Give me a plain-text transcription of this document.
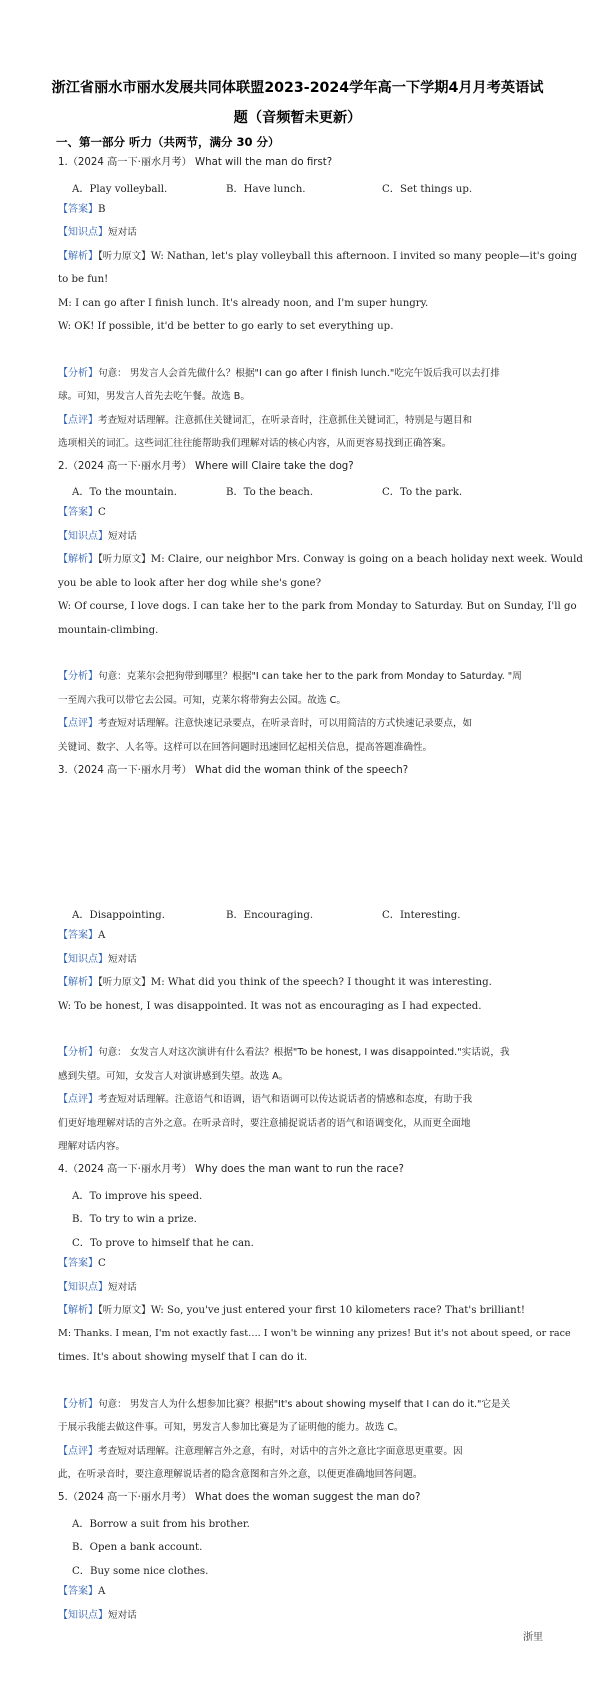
浙江省丽水市丽水发展共同体联盟2023-2024学年高一下学期4月月考英语试
题（音频暂未更新）
一、第一部分 听力（共两节，满分 30 分）
1.（2024 高一下·丽水月考） What will the man do first?
A．Play volleyball.	B．Have lunch.	C．Set things up.
【答案】B
【知识点】短对话
【解析】【听力原文】W: Nathan, let's play volleyball this afternoon. I invited so many people—it's going
to be fun!
M: I can go after I finish lunch. It's already noon, and I'm super hungry.
W: OK! If possible, it'd be better to go early to set everything up.
【分析】句意： 男发言人会首先做什么？根据"I can go after I finish lunch."吃完午饭后我可以去打排
球。可知，男发言人首先去吃午餐。故选 B。
【点评】考查短对话理解。注意抓住关键词汇，在听录音时，注意抓住关键词汇，特别是与题目和
选项相关的词汇。这些词汇往往能帮助我们理解对话的核心内容，从而更容易找到正确答案。
2.（2024 高一下·丽水月考） Where will Claire take the dog?
A．To the mountain.	B．To the beach.	C．To the park.
【答案】C
【知识点】短对话
【解析】【听力原文】M: Claire, our neighbor Mrs. Conway is going on a beach holiday next week. Would
you be able to look after her dog while she's gone?
W: Of course, I love dogs. I can take her to the park from Monday to Saturday. But on Sunday, I'll go
mountain-climbing.
【分析】句意：克莱尔会把狗带到哪里？根据"I can take her to the park from Monday to Saturday. "周
一至周六我可以带它去公园。可知，克莱尔将带狗去公园。故选 C。
【点评】考查短对话理解。注意快速记录要点，在听录音时，可以用简洁的方式快速记录要点，如
关键词、数字、人名等。这样可以在回答问题时迅速回忆起相关信息，提高答题准确性。
3.（2024 高一下·丽水月考） What did the woman think of the speech?
A．Disappointing.	B．Encouraging.	C．Interesting.
【答案】A
【知识点】短对话
【解析】【听力原文】M: What did you think of the speech? I thought it was interesting.
W: To be honest, I was disappointed. It was not as encouraging as I had expected.
【分析】句意： 女发言人对这次演讲有什么看法？根据"To be honest, I was disappointed."实话说，我
感到失望。可知，女发言人对演讲感到失望。故选 A。
【点评】考查短对话理解。注意语气和语调，语气和语调可以传达说话者的情感和态度，有助于我
们更好地理解对话的言外之意。在听录音时，要注意捕捉说话者的语气和语调变化，从而更全面地
理解对话内容。
4.（2024 高一下·丽水月考） Why does the man want to run the race?
A．To improve his speed.
B．To try to win a prize.
C．To prove to himself that he can.
【答案】C
【知识点】短对话
【解析】【听力原文】W: So, you've just entered your first 10 kilometers race? That's brilliant!
M: Thanks. I mean, I'm not exactly fast…. I won't be winning any prizes! But it's not about speed, or race
times. It's about showing myself that I can do it.
【分析】句意： 男发言人为什么想参加比赛？根据"It's about showing myself that I can do it."它是关
于展示我能去做这件事。可知，男发言人参加比赛是为了证明他的能力。故选 C。
【点评】考查短对话理解。注意理解言外之意，有时，对话中的言外之意比字面意思更重要。因
此，在听录音时，要注意理解说话者的隐含意图和言外之意，以便更准确地回答问题。
5.（2024 高一下·丽水月考） What does the woman suggest the man do?
A．Borrow a suit from his brother.
B．Open a bank account.
C．Buy some nice clothes.
【答案】A
【知识点】短对话
浙里
